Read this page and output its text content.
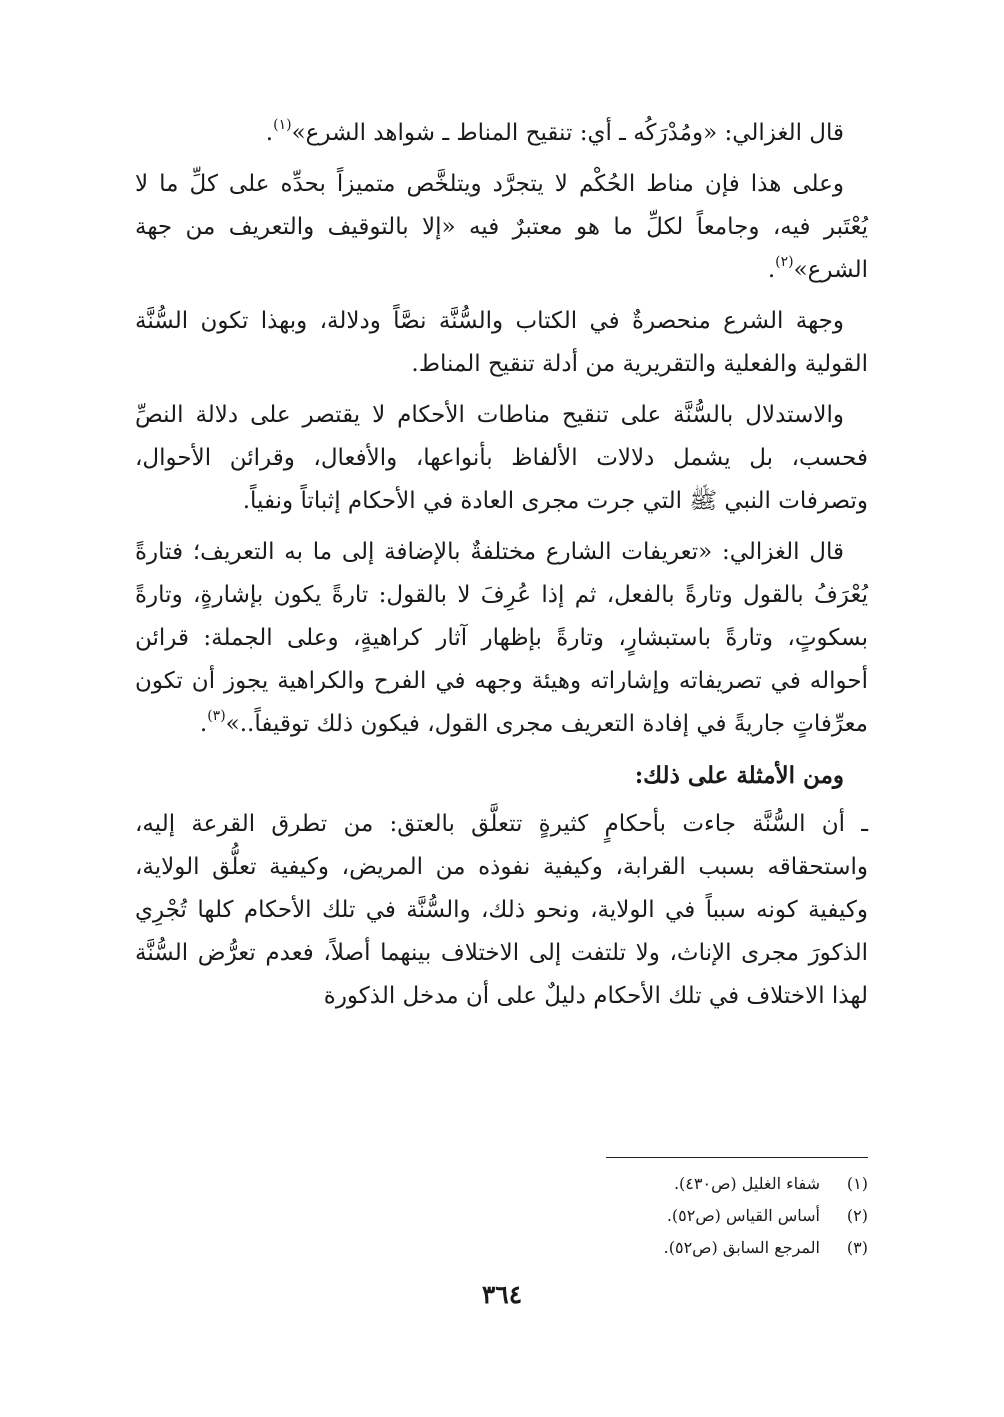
قال الغزالي: «ومُدْرَكُه ـ أي: تنقيح المناط ـ شواهد الشرع»$^{(١)}$.

وعلى هذا فإن مناط الحُكْم لا يتجرَّد ويتلخَّص متميزاً بحدِّه على كلِّ ما لا يُعْتَبر فيه، وجامعاً لكلِّ ما هو معتبرٌ فيه «إلا بالتوقيف والتعريف من جهة الشرع»$^{(٢)}$.

وجهة الشرع منحصرةٌ في الكتاب والسُّنَّة نصَّاً ودلالة، وبهذا تكون السُّنَّة القولية والفعلية والتقريرية من أدلة تنقيح المناط.

والاستدلال بالسُّنَّة على تنقيح مناطات الأحكام لا يقتصر على دلالة النصِّ فحسب، بل يشمل دلالات الألفاظ بأنواعها، والأفعال، وقرائن الأحوال، وتصرفات النبي ﷺ التي جرت مجرى العادة في الأحكام إثباتاً ونفياً.

قال الغزالي: «تعريفات الشارع مختلفةٌ بالإضافة إلى ما به التعريف؛ فتارةً يُعْرَفُ بالقول وتارةً بالفعل، ثم إذا عُرِفَ لا بالقول: تارةً يكون بإشارةٍ، وتارةً بسكوتٍ، وتارةً باستبشارٍ، وتارةً بإظهار آثار كراهيةٍ، وعلى الجملة: قرائن أحواله في تصريفاته وإشاراته وهيئة وجهه في الفرح والكراهية يجوز أن تكون معرِّفاتٍ جاريةً في إفادة التعريف مجرى القول، فيكون ذلك توقيفاً..»$^{(٣)}$.

ومن الأمثلة على ذلك:

ـ أن السُّنَّة جاءت بأحكامٍ كثيرةٍ تتعلَّق بالعتق: من تطرق القرعة إليه، واستحقاقه بسبب القرابة، وكيفية نفوذه من المريض، وكيفية تعلُّق الولاية، وكيفية كونه سبباً في الولاية، ونحو ذلك، والسُّنَّة في تلك الأحكام كلها تُجْرِي الذكورَ مجرى الإناث، ولا تلتفت إلى الاختلاف بينهما أصلاً، فعدم تعرُّض السُّنَّة لهذا الاختلاف في تلك الأحكام دليلٌ على أن مدخل الذكورة

(١)شفاء الغليل (ص٤٣٠).
(٢)أساس القياس (ص٥٢).
(٣)المرجع السابق (ص٥٢).
٣٦٤
